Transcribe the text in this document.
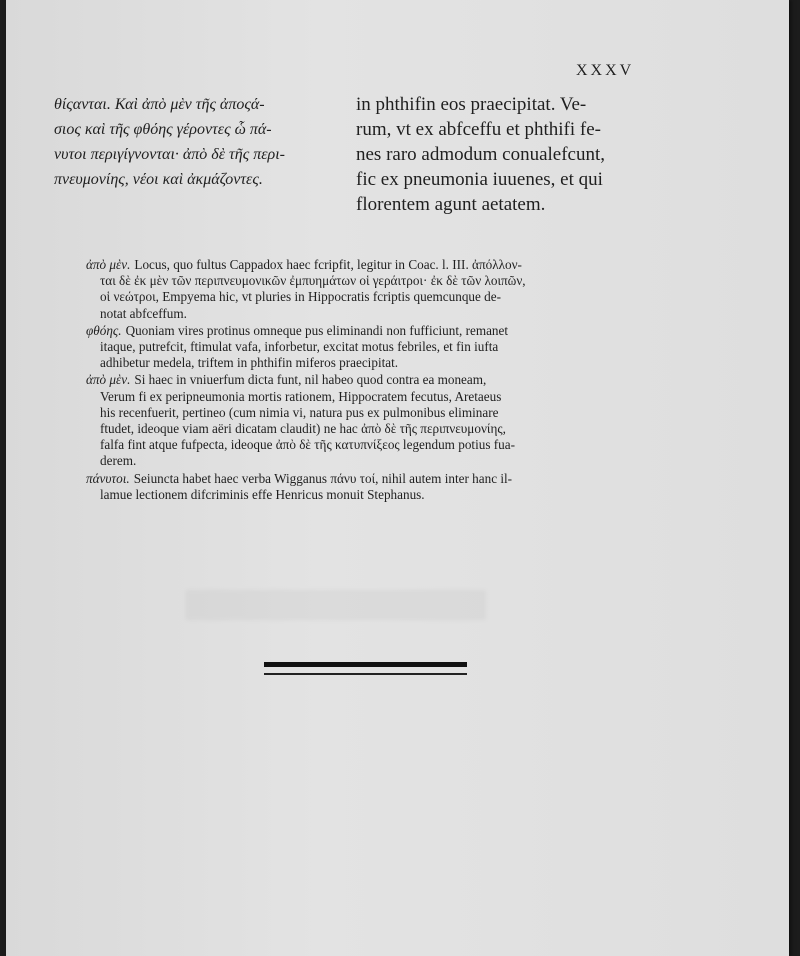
XXXV
θίςανται. Καὶ ἀπὸ μὲν τῆς ἀποςά-
σιος καὶ τῆς φθόης γέροντες ὧ πά-
νυτοι περιγίγνονται· ἀπὸ δὲ τῆς περι-
πνευμονίης, νέοι καὶ ἀκμάζοντες.
in phthifin eos praecipitat. Ve-
rum, vt ex abfceffu et phthifi fe-
nes raro admodum conualefcunt,
fic ex pneumonia iuuenes, et qui
florentem agunt aetatem.
ἀπὸ μὲν. Locus, quo fultus Cappadox haec fcripfit, legitur in Coac. l. III. ἀπόλλον-
ται δὲ ἐκ μὲν τῶν περιπνευμονικῶν ἐμπυημάτων οἱ γεράιτροι· ἐκ δὲ τῶν λοιπῶν,
οἱ νεώτροι, Empyema hic, vt pluries in Hippocratis fcriptis quemcunque de-
notat abfceffum.
φθόης. Quoniam vires protinus omneque pus eliminandi non fufficiunt, remanet
itaque, putrefcit, ftimulat vafa, inforbetur, excitat motus febriles, et fin iufta
adhibetur medela, triftem in phthifin miferos praecipitat.
ἀπὸ μὲν. Si haec in vniuerfum dicta funt, nil habeo quod contra ea moneam,
Verum fi ex peripneumonia mortis rationem, Hippocratem fecutus, Aretaeus
his recenfuerit, pertineo (cum nimia vi, natura pus ex pulmonibus eliminare
ftudet, ideoque viam aëri dicatam claudit) ne hac ἀπὸ δὲ τῆς περιπνευμονίης,
falfa fint atque fufpecta, ideoque ἀπὸ δὲ τῆς κατυπνίξεος legendum potius fua-
derem.
πάνυτοι. Seiuncta habet haec verba Wigganus πάνυ τοί, nihil autem inter hanc il-
lamue lectionem difcriminis effe Henricus monuit Stephanus.
